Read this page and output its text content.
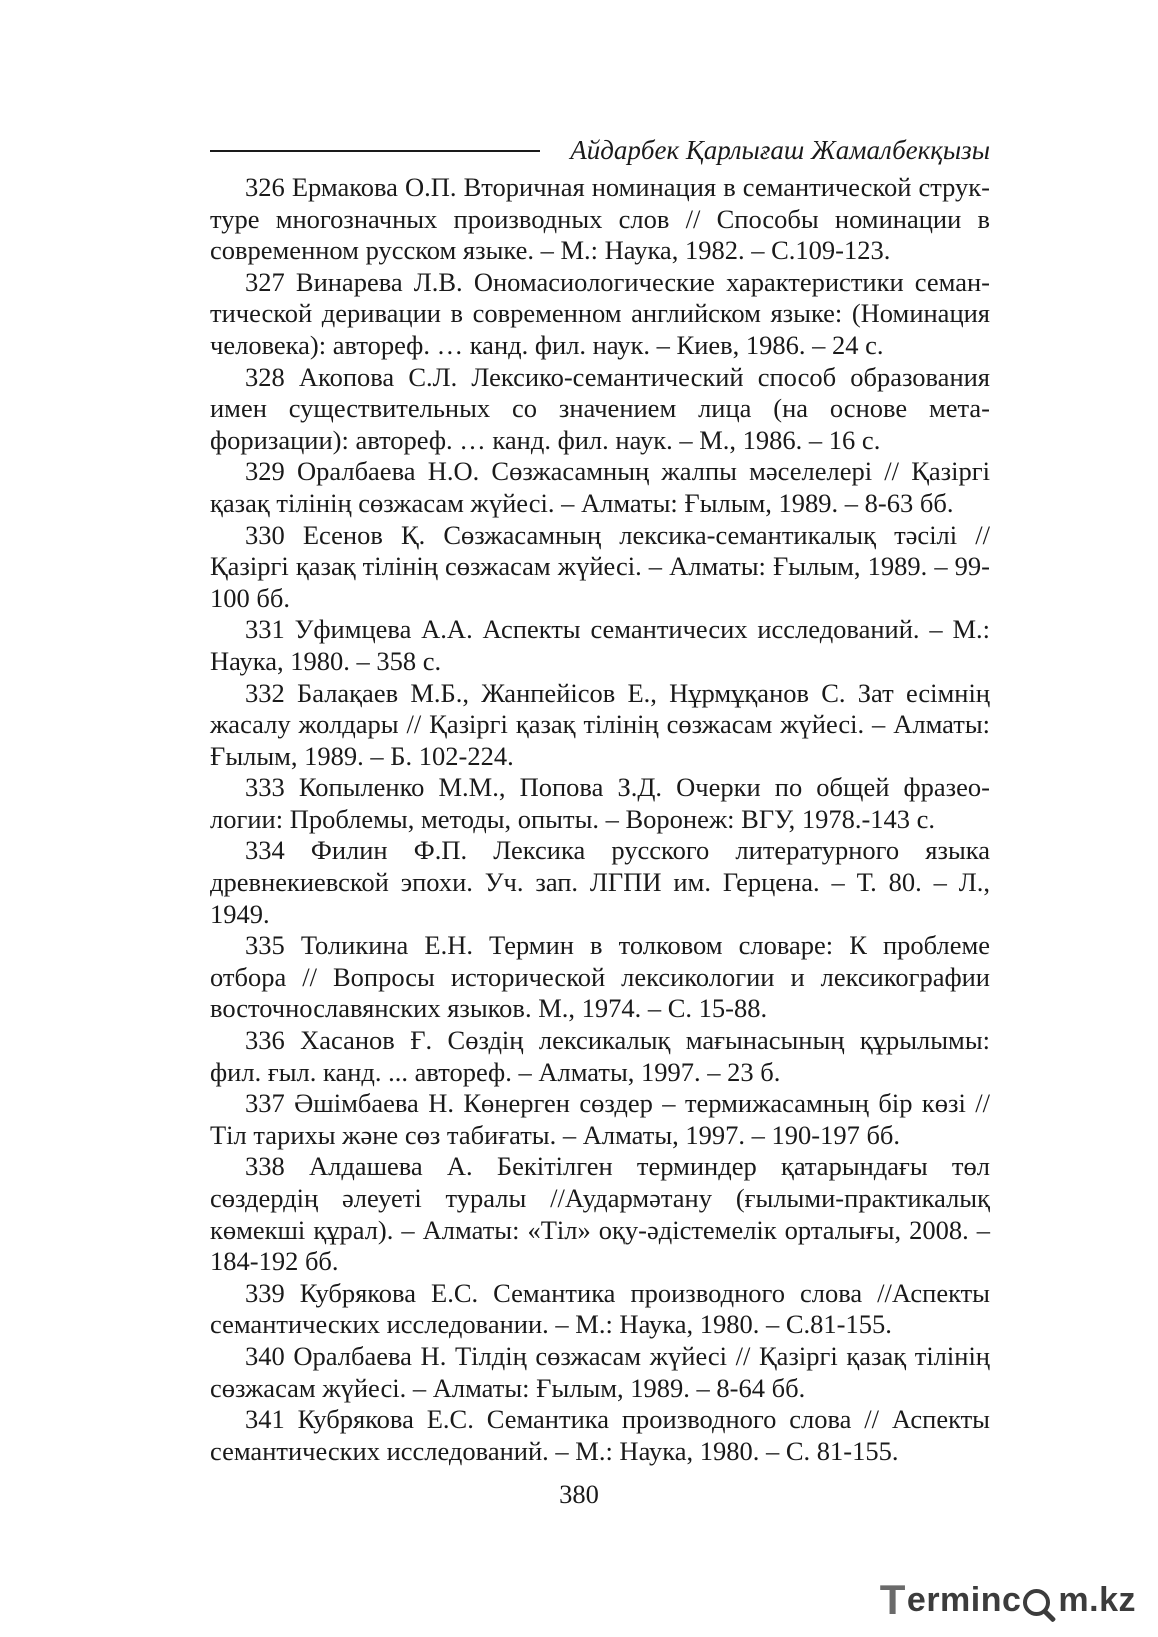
Айдарбек Қарлығаш Жамалбекқызы

326 Ермакова О.П. Вторичная номинация в семантической структуре многозначных производных слов // Способы номинации в современном русском языке. – М.: Наука, 1982. – С.109-123.

327 Винарева Л.В. Ономасиологические характеристики семантической деривации в современном английском языке: (Номинация человека): автореф. … канд. фил. наук. – Киев, 1986. – 24 с.

328 Акопова С.Л. Лексико-семантический способ образования имен существительных со значением лица (на основе метафоризации): автореф. … канд. фил. наук. – М., 1986. – 16 с.

329 Оралбаева Н.О. Сөзжасамның жалпы мәселелері // Қазіргі қазақ тілінің сөзжасам жүйесі. – Алматы: Ғылым, 1989. – 8-63 бб.

330 Есенов Қ. Сөзжасамның лексика-семантикалық тәсілі // Қазіргі қазақ тілінің сөзжасам жүйесі. – Алматы: Ғылым, 1989. – 99-100 бб.

331 Уфимцева А.А. Аспекты семантичесих исследований. – М.: Наука, 1980. – 358 с.

332 Балақаев М.Б., Жанпейісов Е., Нұрмұқанов С. Зат есімнің жасалу жолдары // Қазіргі қазақ тілінің сөзжасам жүйесі. – Алматы: Ғылым, 1989. – Б. 102-224.

333 Копыленко М.М., Попова З.Д. Очерки по общей фразеологии: Проблемы, методы, опыты. – Воронеж: ВГУ, 1978.-143 с.

334 Филин Ф.П. Лексика русского литературного языка древнекиевской эпохи. Уч. зап. ЛГПИ им. Герцена. – Т. 80. – Л., 1949.

335 Толикина Е.Н. Термин в толковом словаре: К проблеме отбора // Вопросы исторической лексикологии и лексикографии восточнославянских языков. М., 1974. – С. 15-88.

336 Хасанов Ғ. Сөздің лексикалық мағынасының құрылымы: фил. ғыл. канд. ... автореф. – Алматы, 1997. – 23 б.

337 Әшімбаева Н. Көнерген сөздер – термижасамның бір көзі // Тіл тарихы және сөз табиғаты. – Алматы, 1997. – 190-197 бб.

338 Алдашева А. Бекітілген терминдер қатарындағы төл сөздердің әлеуеті туралы //Аудармәтану (ғылыми-практикалық көмекші құрал). – Алматы: «Тіл» оқу-әдістемелік орталығы, 2008. – 184-192 бб.

339 Кубрякова Е.С. Семантика производного слова //Аспекты семантических исследовании. – М.: Наука, 1980. – С.81-155.

340 Оралбаева Н. Тілдің сөзжасам жүйесі // Қазіргі қазақ тілінің сөзжасам жүйесі. – Алматы: Ғылым, 1989. – 8-64 бб.

341 Кубрякова Е.С. Семантика производного слова // Аспекты семантических исследований. – М.: Наука, 1980. – С. 81-155.

380
T erminc m.kz
